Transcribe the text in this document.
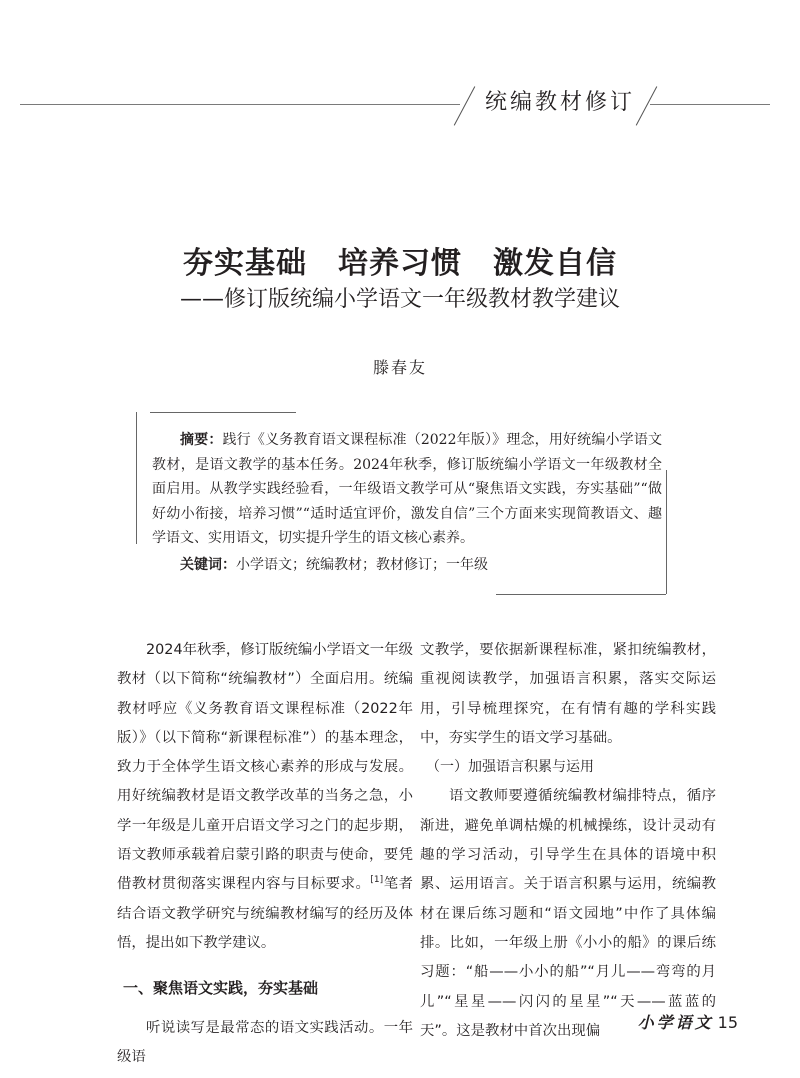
统编教材修订
夯实基础　培养习惯　激发自信
——修订版统编小学语文一年级教材教学建议
滕春友

摘要：践行《义务教育语文课程标准（2022年版）》理念，用好统编小学语文教材，是语文教学的基本任务。2024年秋季，修订版统编小学语文一年级教材全面启用。从教学实践经验看，一年级语文教学可从“聚焦语文实践，夯实基础”“做好幼小衔接，培养习惯”“适时适宜评价，激发自信”三个方面来实现简教语文、趣学语文、实用语文，切实提升学生的语文核心素养。

关键词：小学语文；统编教材；教材修订；一年级

2024年秋季，修订版统编小学语文一年级教材（以下简称“统编教材”）全面启用。统编教材呼应《义务教育语文课程标准（2022年版）》（以下简称“新课程标准”）的基本理念，致力于全体学生语文核心素养的形成与发展。用好统编教材是语文教学改革的当务之急，小学一年级是儿童开启语文学习之门的起步期，语文教师承载着启蒙引路的职责与使命，要凭借教材贯彻落实课程内容与目标要求。[1]笔者结合语文教学研究与统编教材编写的经历及体悟，提出如下教学建议。

一、聚焦语文实践，夯实基础

听说读写是最常态的语文实践活动。一年级语

文教学，要依据新课程标准，紧扣统编教材，重视阅读教学，加强语言积累，落实交际运用，引导梳理探究，在有情有趣的学科实践中，夯实学生的语文学习基础。

（一）加强语言积累与运用

语文教师要遵循统编教材编排特点，循序渐进，避免单调枯燥的机械操练，设计灵动有趣的学习活动，引导学生在具体的语境中积累、运用语言。关于语言积累与运用，统编教材在课后练习题和“语文园地”中作了具体编排。比如，一年级上册《小小的船》的课后练习题：“船——小小的船”“月儿——弯弯的月儿”“星星——闪闪的星星”“天——蓝蓝的天”。这是教材中首次出现偏	小学语文 15
